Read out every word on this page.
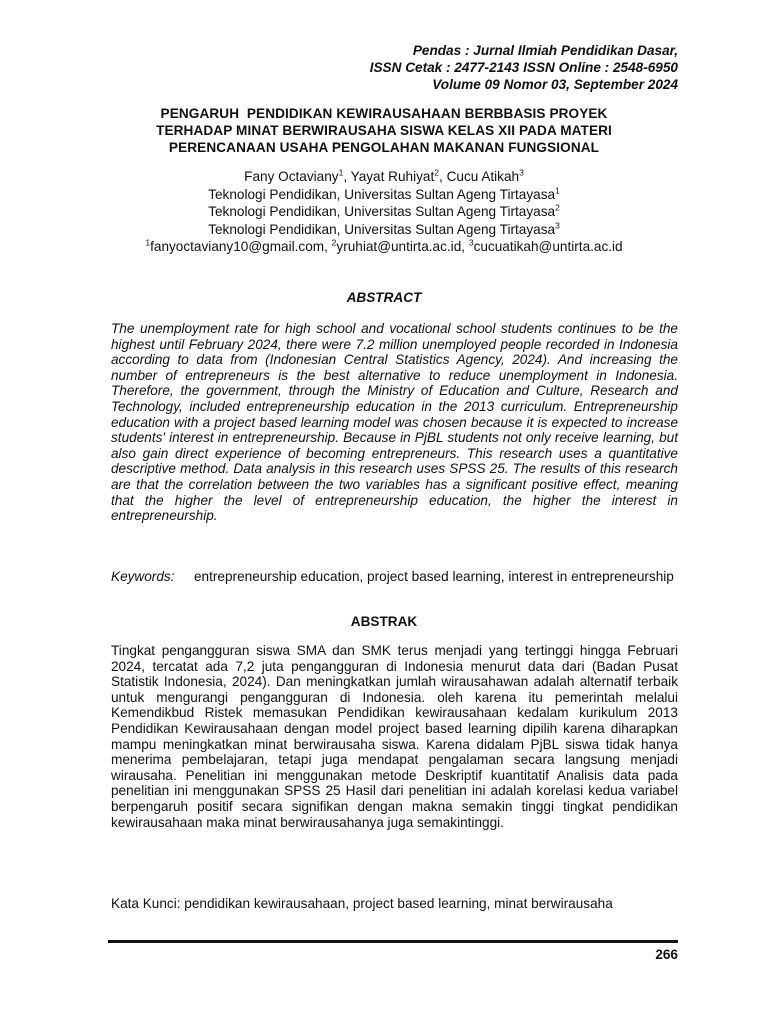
Pendas : Jurnal Ilmiah Pendidikan Dasar,
ISSN Cetak : 2477-2143 ISSN Online : 2548-6950
Volume 09 Nomor 03, September 2024
PENGARUH  PENDIDIKAN KEWIRAUSAHAAN BERBBASIS PROYEK
TERHADAP MINAT BERWIRAUSAHA SISWA KELAS XII PADA MATERI
PERENCANAAN USAHA PENGOLAHAN MAKANAN FUNGSIONAL
Fany Octaviany$^1$, Yayat Ruhiyat$^2$, Cucu Atikah$^3$
Teknologi Pendidikan, Universitas Sultan Ageng Tirtayasa$^1$
Teknologi Pendidikan, Universitas Sultan Ageng Tirtayasa$^2$
Teknologi Pendidikan, Universitas Sultan Ageng Tirtayasa$^3$
$^1$fanyoctaviany10@gmail.com, $^2$yruhiat@untirta.ac.id, $^3$cucuatikah@untirta.ac.id
ABSTRACT
The unemployment rate for high school and vocational school students continues to be the highest until February 2024, there were 7.2 million unemployed people recorded in Indonesia according to data from (Indonesian Central Statistics Agency, 2024). And increasing the number of entrepreneurs is the best alternative to reduce unemployment in Indonesia. Therefore, the government, through the Ministry of Education and Culture, Research and Technology, included entrepreneurship education in the 2013 curriculum. Entrepreneurship education with a project based learning model was chosen because it is expected to increase students' interest in entrepreneurship. Because in PjBL students not only receive learning, but also gain direct experience of becoming entrepreneurs. This research uses a quantitative descriptive method. Data analysis in this research uses SPSS 25. The results of this research are that the correlation between the two variables has a significant positive effect, meaning that the higher the level of entrepreneurship education, the higher the interest in entrepreneurship.
Keywords:	entrepreneurship education, project based learning, interest in entrepreneurship
ABSTRAK
Tingkat pengangguran siswa SMA dan SMK terus menjadi yang tertinggi hingga Februari 2024, tercatat ada 7,2 juta pengangguran di Indonesia menurut data dari (Badan Pusat Statistik Indonesia, 2024). Dan meningkatkan jumlah wirausahawan adalah alternatif terbaik untuk mengurangi pengangguran di Indonesia. oleh karena itu pemerintah melalui Kemendikbud Ristek memasukan Pendidikan kewirausahaan kedalam kurikulum 2013 Pendidikan Kewirausahaan dengan model project based learning dipilih karena diharapkan mampu meningkatkan minat berwirausaha siswa. Karena didalam PjBL siswa tidak hanya menerima pembelajaran, tetapi juga mendapat pengalaman secara langsung menjadi wirausaha. Penelitian ini menggunakan metode Deskriptif kuantitatif Analisis data pada penelitian ini menggunakan SPSS 25 Hasil dari penelitian ini adalah korelasi kedua variabel berpengaruh positif secara signifikan dengan makna semakin tinggi tingkat pendidikan kewirausahaan maka minat berwirausahanya juga semakintinggi.
Kata Kunci: pendidikan kewirausahaan, project based learning, minat berwirausaha
266
